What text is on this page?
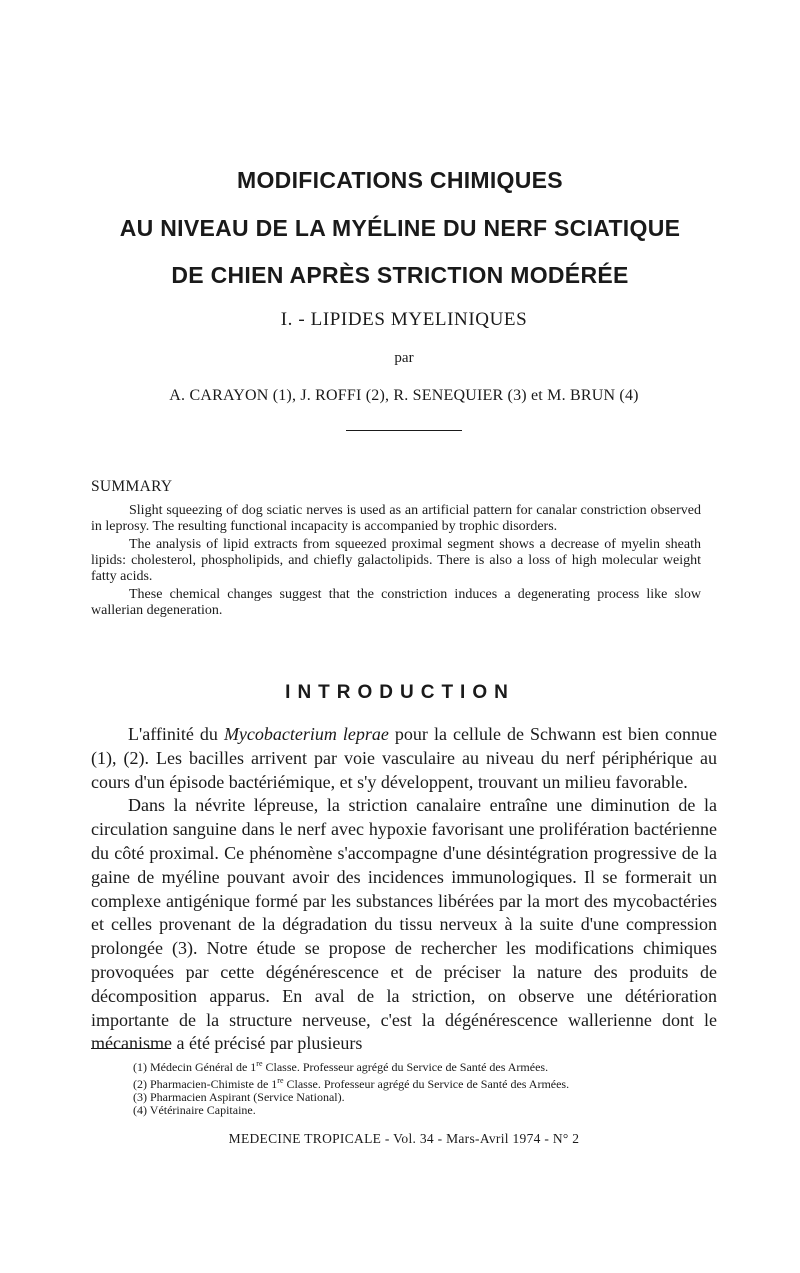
MODIFICATIONS CHIMIQUES
AU NIVEAU DE LA MYÉLINE DU NERF SCIATIQUE
DE CHIEN APRÈS STRICTION MODÉRÉE
I. - LIPIDES MYELINIQUES
par
A. CARAYON (1), J. ROFFI (2), R. SENEQUIER (3) et M. BRUN (4)
SUMMARY

Slight squeezing of dog sciatic nerves is used as an artificial pattern for canalar constriction observed in leprosy. The resulting functional incapacity is accompanied by trophic disorders.

The analysis of lipid extracts from squeezed proximal segment shows a decrease of myelin sheath lipids: cholesterol, phospholipids, and chiefly galactolipids. There is also a loss of high molecular weight fatty acids.

These chemical changes suggest that the constriction induces a degenerating process like slow wallerian degeneration.

INTRODUCTION

L'affinité du Mycobacterium leprae pour la cellule de Schwann est bien connue (1), (2). Les bacilles arrivent par voie vasculaire au niveau du nerf périphérique au cours d'un épisode bactériémique, et s'y développent, trouvant un milieu favorable.

Dans la névrite lépreuse, la striction canalaire entraîne une diminution de la circulation sanguine dans le nerf avec hypoxie favorisant une prolifération bactérienne du côté proximal. Ce phénomène s'accompagne d'une désintégration progressive de la gaine de myéline pouvant avoir des incidences immunologiques. Il se formerait un complexe antigénique formé par les substances libérées par la mort des mycobactéries et celles provenant de la dégradation du tissu nerveux à la suite d'une compression prolongée (3). Notre étude se propose de rechercher les modifications chimiques provoquées par cette dégénérescence et de préciser la nature des produits de décomposition apparus. En aval de la striction, on observe une détérioration importante de la structure nerveuse, c'est la dégénérescence wallerienne dont le mécanisme a été précisé par plusieurs

(1) Médecin Général de 1re Classe. Professeur agrégé du Service de Santé des Armées.
(2) Pharmacien-Chimiste de 1re Classe. Professeur agrégé du Service de Santé des Armées.
(3) Pharmacien Aspirant (Service National).
(4) Vétérinaire Capitaine.
MEDECINE TROPICALE - Vol. 34 - Mars-Avril 1974 - N° 2
